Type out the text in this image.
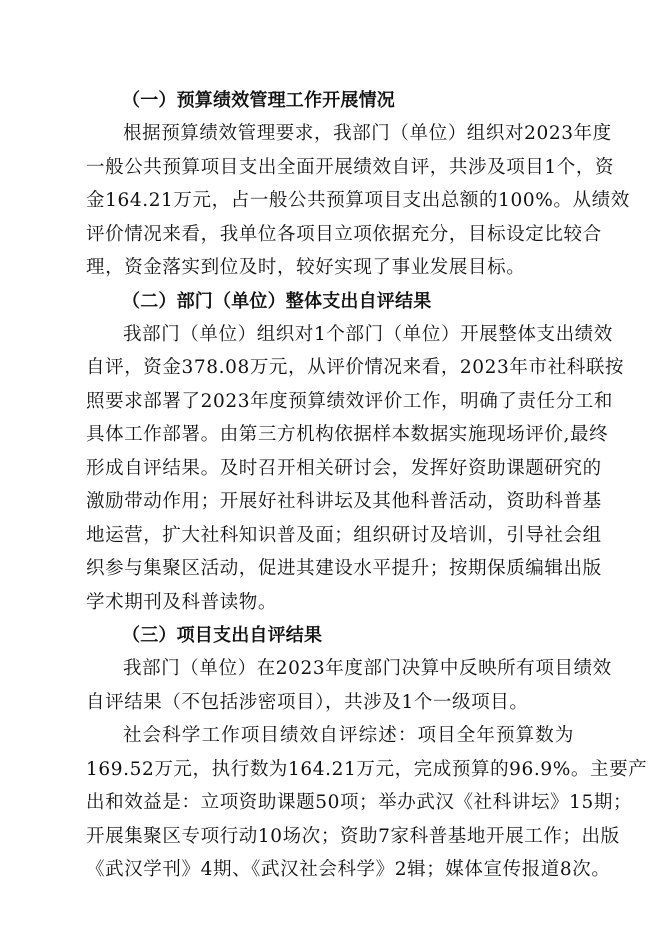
（一）预算绩效管理工作开展情况

根据预算绩效管理要求，我部门（单位）组织对2023年度
一般公共预算项目支出全面开展绩效自评，共涉及项目1个，资
金164.21万元，占一般公共预算项目支出总额的100%。从绩效
评价情况来看，我单位各项目立项依据充分，目标设定比较合
理，资金落实到位及时，较好实现了事业发展目标。

（二）部门（单位）整体支出自评结果

我部门（单位）组织对1个部门（单位）开展整体支出绩效
自评，资金378.08万元，从评价情况来看，2023年市社科联按
照要求部署了2023年度预算绩效评价工作，明确了责任分工和
具体工作部署。由第三方机构依据样本数据实施现场评价,最终
形成自评结果。及时召开相关研讨会，发挥好资助课题研究的
激励带动作用；开展好社科讲坛及其他科普活动，资助科普基
地运营，扩大社科知识普及面；组织研讨及培训，引导社会组
织参与集聚区活动，促进其建设水平提升；按期保质编辑出版
学术期刊及科普读物。

（三）项目支出自评结果

我部门（单位）在2023年度部门决算中反映所有项目绩效
自评结果（不包括涉密项目），共涉及1个一级项目。

社会科学工作项目绩效自评综述：项目全年预算数为
169.52万元，执行数为164.21万元，完成预算的96.9%。主要产
出和效益是：立项资助课题50项；举办武汉《社科讲坛》15期；
开展集聚区专项行动10场次；资助7家科普基地开展工作；出版
《武汉学刊》4期、《武汉社会科学》2辑；媒体宣传报道8次。
